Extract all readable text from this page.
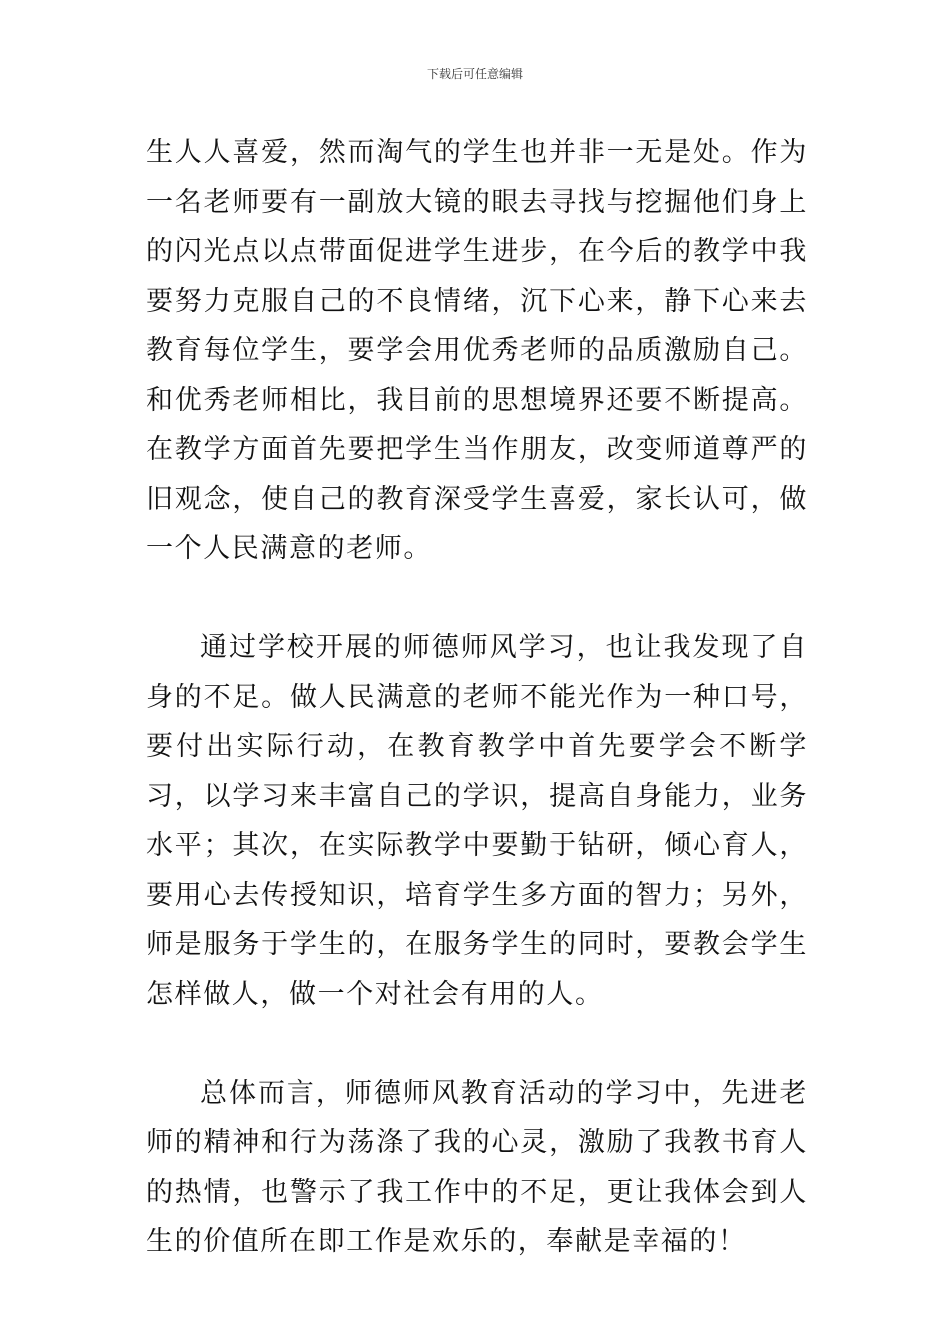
下载后可任意编辑

生人人喜爱，然而淘气的学生也并非一无是处。作为一名老师要有一副放大镜的眼去寻找与挖掘他们身上的闪光点以点带面促进学生进步，在今后的教学中我要努力克服自己的不良情绪，沉下心来，静下心来去教育每位学生，要学会用优秀老师的品质激励自己。和优秀老师相比，我目前的思想境界还要不断提高。在教学方面首先要把学生当作朋友，改变师道尊严的旧观念，使自己的教育深受学生喜爱，家长认可，做一个人民满意的老师。

通过学校开展的师德师风学习，也让我发现了自身的不足。做人民满意的老师不能光作为一种口号，要付出实际行动，在教育教学中首先要学会不断学习，以学习来丰富自己的学识，提高自身能力，业务水平；其次，在实际教学中要勤于钻研，倾心育人，要用心去传授知识，培育学生多方面的智力；另外，师是服务于学生的，在服务学生的同时，要教会学生怎样做人，做一个对社会有用的人。

总体而言，师德师风教育活动的学习中，先进老师的精神和行为荡涤了我的心灵，激励了我教书育人的热情，也警示了我工作中的不足，更让我体会到人生的价值所在即工作是欢乐的，奉献是幸福的！
